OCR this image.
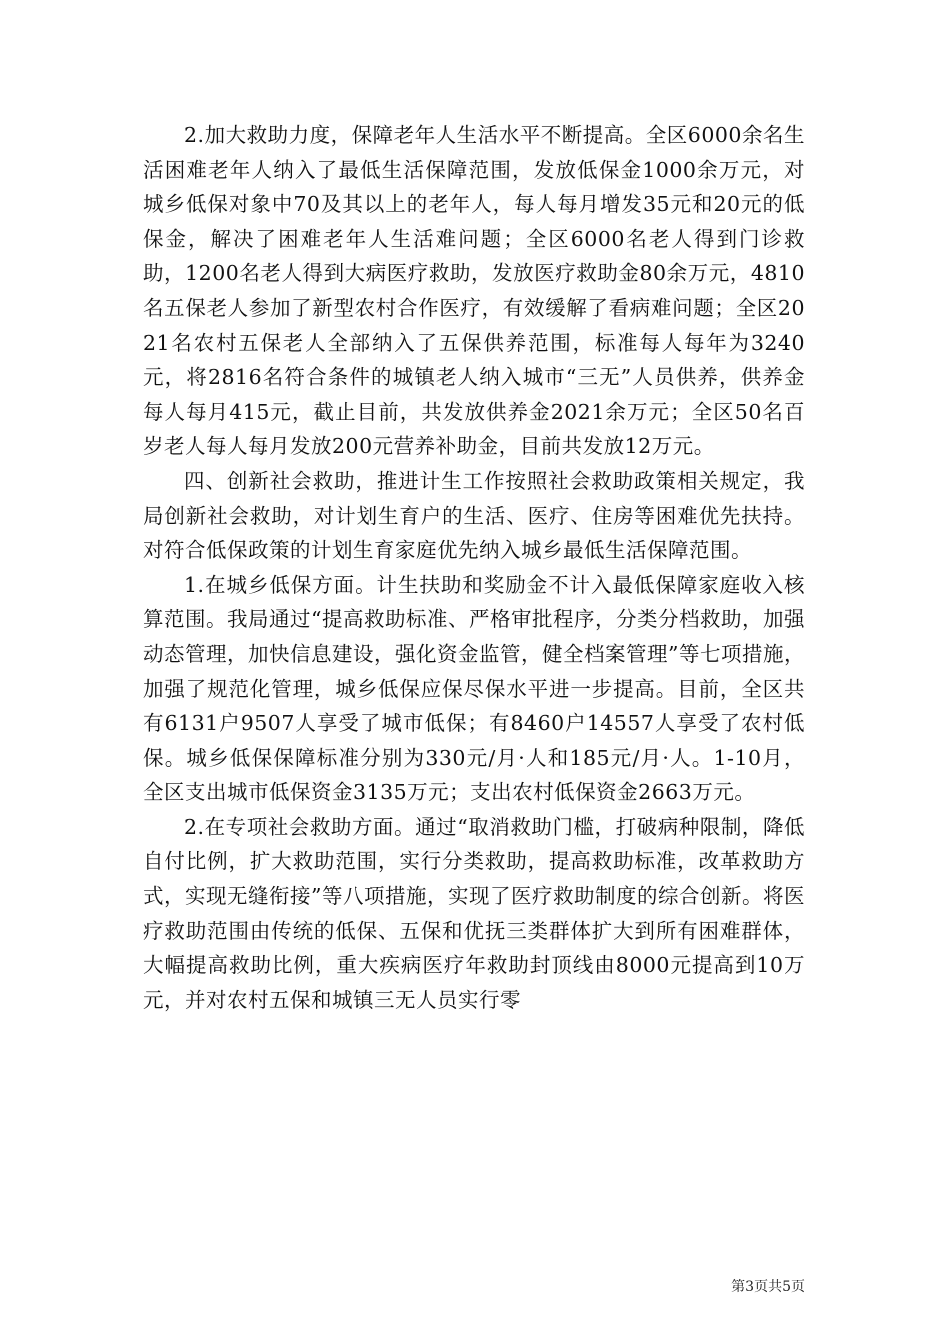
2.加大救助力度，保障老年人生活水平不断提高。全区6000余名生活困难老年人纳入了最低生活保障范围，发放低保金1000余万元，对城乡低保对象中70及其以上的老年人，每人每月增发35元和20元的低保金，解决了困难老年人生活难问题；全区6000名老人得到门诊救助，1200名老人得到大病医疗救助，发放医疗救助金80余万元，4810名五保老人参加了新型农村合作医疗，有效缓解了看病难问题；全区2021名农村五保老人全部纳入了五保供养范围，标准每人每年为3240元，将2816名符合条件的城镇老人纳入城市“三无”人员供养，供养金每人每月415元，截止目前，共发放供养金2021余万元；全区50名百岁老人每人每月发放200元营养补助金，目前共发放12万元。

四、创新社会救助，推进计生工作按照社会救助政策相关规定，我局创新社会救助，对计划生育户的生活、医疗、住房等困难优先扶持。对符合低保政策的计划生育家庭优先纳入城乡最低生活保障范围。

1.在城乡低保方面。计生扶助和奖励金不计入最低保障家庭收入核算范围。我局通过“提高救助标准、严格审批程序，分类分档救助，加强动态管理，加快信息建设，强化资金监管，健全档案管理”等七项措施，加强了规范化管理，城乡低保应保尽保水平进一步提高。目前，全区共有6131户9507人享受了城市低保；有8460户14557人享受了农村低保。城乡低保保障标准分别为330元/月·人和185元/月·人。1-10月，全区支出城市低保资金3135万元；支出农村低保资金2663万元。

2.在专项社会救助方面。通过“取消救助门槛，打破病种限制，降低自付比例，扩大救助范围，实行分类救助，提高救助标准，改革救助方式，实现无缝衔接”等八项措施，实现了医疗救助制度的综合创新。将医疗救助范围由传统的低保、五保和优抚三类群体扩大到所有困难群体，大幅提高救助比例，重大疾病医疗年救助封顶线由8000元提高到10万元，并对农村五保和城镇三无人员实行零

第3页共5页
